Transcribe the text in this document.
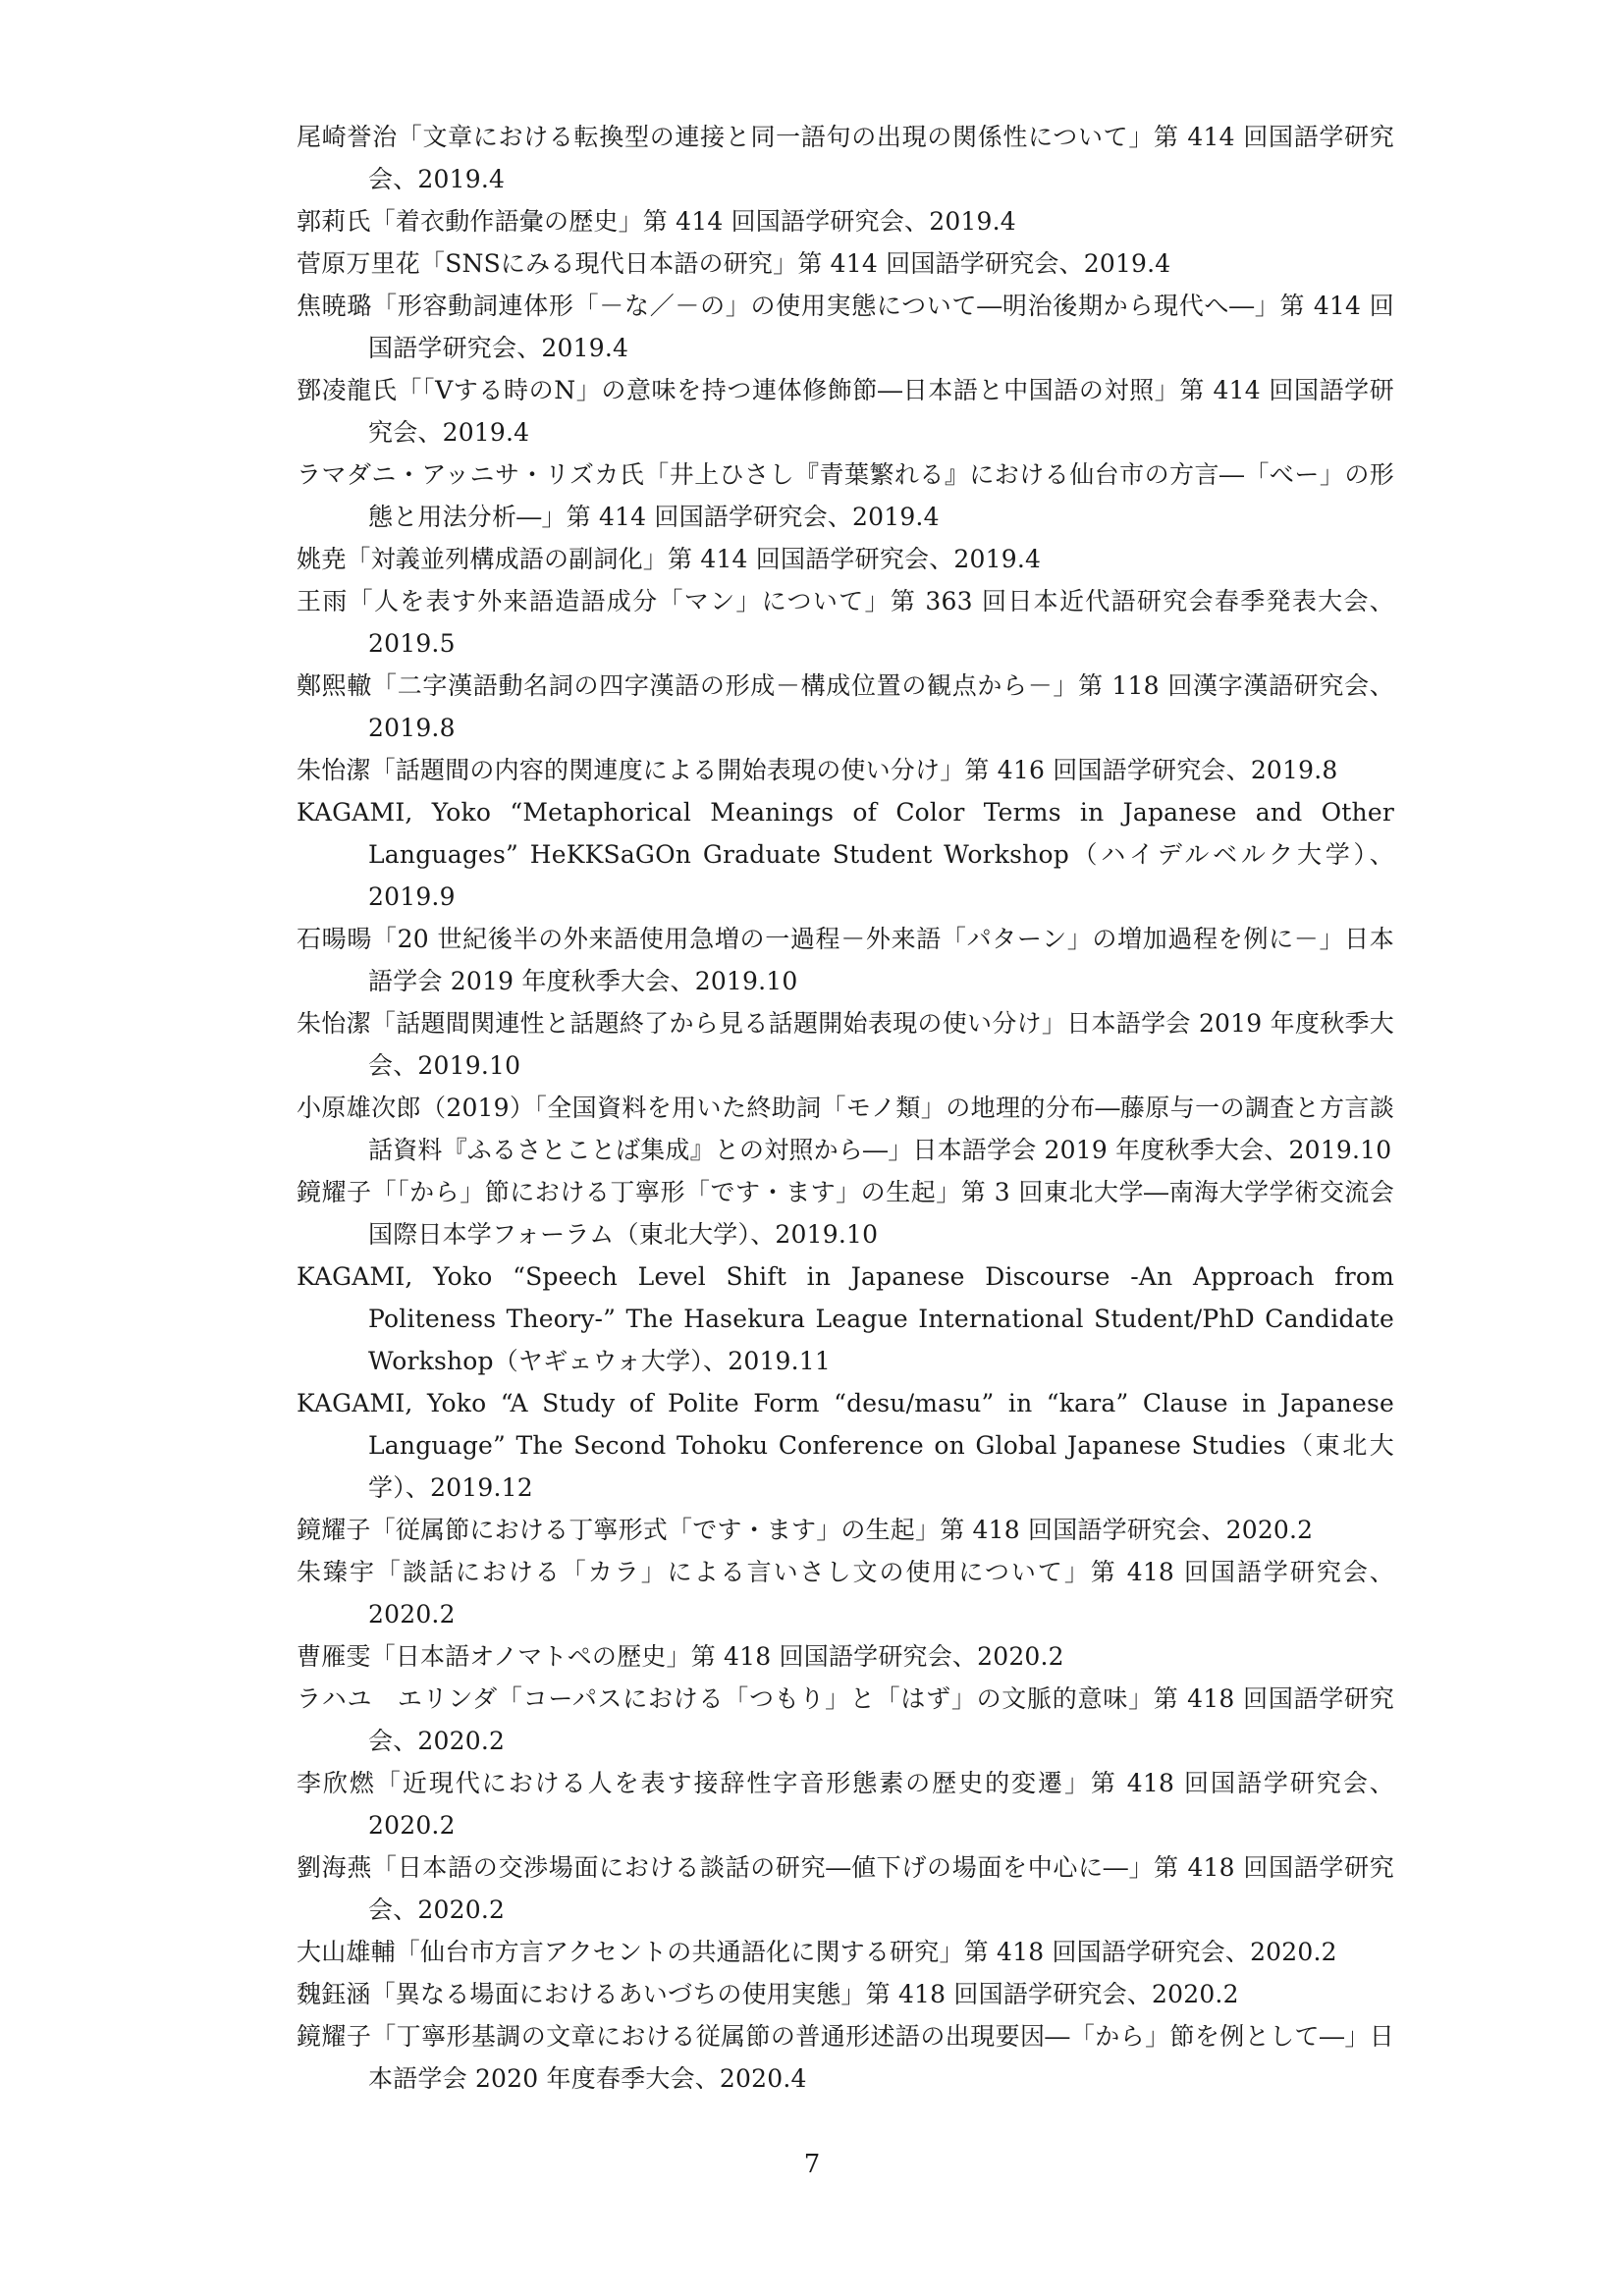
尾崎誉治「文章における転換型の連接と同一語句の出現の関係性について」第 414 回国語学研究会、2019.4
郭莉氏「着衣動作語彙の歴史」第 414 回国語学研究会、2019.4
菅原万里花「SNSにみる現代日本語の研究」第 414 回国語学研究会、2019.4
焦暁璐「形容動詞連体形「－な／－の」の使用実態について―明治後期から現代へ―」第 414 回国語学研究会、2019.4
鄧凌龍氏「「Vする時のN」の意味を持つ連体修飾節―日本語と中国語の対照」第 414 回国語学研究会、2019.4
ラマダニ・アッニサ・リズカ氏「井上ひさし『青葉繁れる』における仙台市の方言―「べー」の形態と用法分析―」第 414 回国語学研究会、2019.4
姚尭「対義並列構成語の副詞化」第 414 回国語学研究会、2019.4
王雨「人を表す外来語造語成分「マン」について」第 363 回日本近代語研究会春季発表大会、2019.5
鄭熙轍「二字漢語動名詞の四字漢語の形成－構成位置の観点から－」第 118 回漢字漢語研究会、2019.8
朱怡潔「話題間の内容的関連度による開始表現の使い分け」第 416 回国語学研究会、2019.8
KAGAMI, Yoko “Metaphorical Meanings of Color Terms in Japanese and Other Languages” HeKKSaGOn Graduate Student Workshop（ハイデルベルク大学）、2019.9
石暘暘「20 世紀後半の外来語使用急増の一過程－外来語「パターン」の増加過程を例に－」日本語学会 2019 年度秋季大会、2019.10
朱怡潔「話題間関連性と話題終了から見る話題開始表現の使い分け」日本語学会 2019 年度秋季大会、2019.10
小原雄次郎（2019）「全国資料を用いた終助詞「モノ類」の地理的分布―藤原与一の調査と方言談話資料『ふるさとことば集成』との対照から―」日本語学会 2019 年度秋季大会、2019.10
鏡耀子「「から」節における丁寧形「です・ます」の生起」第 3 回東北大学―南海大学学術交流会国際日本学フォーラム（東北大学）、2019.10
KAGAMI, Yoko “Speech Level Shift in Japanese Discourse -An Approach from Politeness Theory-” The Hasekura League International Student/PhD Candidate Workshop（ヤギェウォ大学）、2019.11
KAGAMI, Yoko “A Study of Polite Form “desu/masu” in “kara” Clause in Japanese Language” The Second Tohoku Conference on Global Japanese Studies（東北大学）、2019.12
鏡耀子「従属節における丁寧形式「です・ます」の生起」第 418 回国語学研究会、2020.2
朱臻宇「談話における「カラ」による言いさし文の使用について」第 418 回国語学研究会、2020.2
曹雁雯「日本語オノマトペの歴史」第 418 回国語学研究会、2020.2
ラハユ　エリンダ「コーパスにおける「つもり」と「はず」の文脈的意味」第 418 回国語学研究会、2020.2
李欣燃「近現代における人を表す接辞性字音形態素の歴史的変遷」第 418 回国語学研究会、2020.2
劉海燕「日本語の交渉場面における談話の研究―値下げの場面を中心に―」第 418 回国語学研究会、2020.2
大山雄輔「仙台市方言アクセントの共通語化に関する研究」第 418 回国語学研究会、2020.2
魏鈺涵「異なる場面におけるあいづちの使用実態」第 418 回国語学研究会、2020.2
鏡耀子「丁寧形基調の文章における従属節の普通形述語の出現要因―「から」節を例として―」日本語学会 2020 年度春季大会、2020.4
7
